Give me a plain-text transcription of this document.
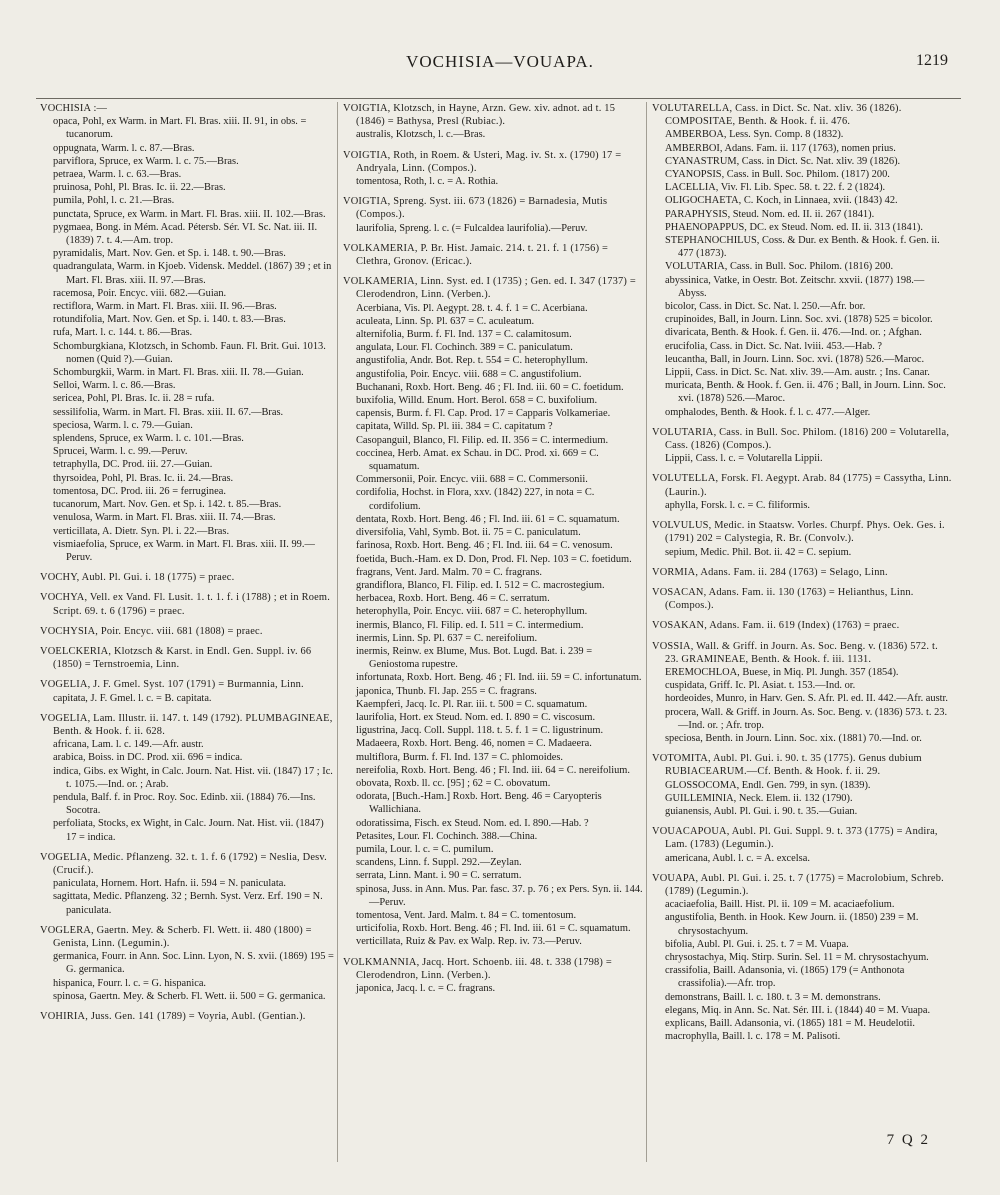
VOCHISIA—VOUAPA.	1219

VOCHISIA :—

opaca, Pohl, ex Warm. in Mart. Fl. Bras. xiii. II. 91, in obs. = tucanorum.

oppugnata, Warm. l. c. 87.—Bras.

parviflora, Spruce, ex Warm. l. c. 75.—Bras.

petraea, Warm. l. c. 63.—Bras.

pruinosa, Pohl, Pl. Bras. Ic. ii. 22.—Bras.

pumila, Pohl, l. c. 21.—Bras.

punctata, Spruce, ex Warm. in Mart. Fl. Bras. xiii. II. 102.—Bras.

pygmaea, Bong. in Mém. Acad. Pétersb. Sér. VI. Sc. Nat. iii. II. (1839) 7. t. 4.—Am. trop.

pyramidalis, Mart. Nov. Gen. et Sp. i. 148. t. 90.—Bras.

quadrangulata, Warm. in Kjoeb. Vidensk. Meddel. (1867) 39 ; et in Mart. Fl. Bras. xiii. II. 97.—Bras.

racemosa, Poir. Encyc. viii. 682.—Guian.

rectiflora, Warm. in Mart. Fl. Bras. xiii. II. 96.—Bras.

rotundifolia, Mart. Nov. Gen. et Sp. i. 140. t. 83.—Bras.

rufa, Mart. l. c. 144. t. 86.—Bras.

Schomburgkiana, Klotzsch, in Schomb. Faun. Fl. Brit. Gui. 1013. nomen (Quid ?).—Guian.

Schomburgkii, Warm. in Mart. Fl. Bras. xiii. II. 78.—Guian.

Selloi, Warm. l. c. 86.—Bras.

sericea, Pohl, Pl. Bras. Ic. ii. 28 = rufa.

sessilifolia, Warm. in Mart. Fl. Bras. xiii. II. 67.—Bras.

speciosa, Warm. l. c. 79.—Guian.

splendens, Spruce, ex Warm. l. c. 101.—Bras.

Sprucei, Warm. l. c. 99.—Peruv.

tetraphylla, DC. Prod. iii. 27.—Guian.

thyrsoidea, Pohl, Pl. Bras. Ic. ii. 24.—Bras.

tomentosa, DC. Prod. iii. 26 = ferruginea.

tucanorum, Mart. Nov. Gen. et Sp. i. 142. t. 85.—Bras.

venulosa, Warm. in Mart. Fl. Bras. xiii. II. 74.—Bras.

verticillata, A. Dietr. Syn. Pl. i. 22.—Bras.

vismiaefolia, Spruce, ex Warm. in Mart. Fl. Bras. xiii. II. 99.—Peruv.

VOCHY, Aubl. Pl. Gui. i. 18 (1775) = praec.

VOCHYA, Vell. ex Vand. Fl. Lusit. 1. t. 1. f. i (1788) ; et in Roem. Script. 69. t. 6 (1796) = praec.

VOCHYSIA, Poir. Encyc. viii. 681 (1808) = praec.

VOELCKERIA, Klotzsch & Karst. in Endl. Gen. Suppl. iv. 66 (1850) = Ternstroemia, Linn.

VOGELIA, J. F. Gmel. Syst. 107 (1791) = Burmannia, Linn.

capitata, J. F. Gmel. l. c. = B. capitata.

VOGELIA, Lam. Illustr. ii. 147. t. 149 (1792). PLUMBAGINEAE, Benth. & Hook. f. ii. 628.

africana, Lam. l. c. 149.—Afr. austr.

arabica, Boiss. in DC. Prod. xii. 696 = indica.

indica, Gibs. ex Wight, in Calc. Journ. Nat. Hist. vii. (1847) 17 ; Ic. t. 1075.—Ind. or. ; Arab.

pendula, Balf. f. in Proc. Roy. Soc. Edinb. xii. (1884) 76.—Ins. Socotra.

perfoliata, Stocks, ex Wight, in Calc. Journ. Nat. Hist. vii. (1847) 17 = indica.

VOGELIA, Medic. Pflanzeng. 32. t. 1. f. 6 (1792) = Neslia, Desv. (Crucif.).

paniculata, Hornem. Hort. Hafn. ii. 594 = N. paniculata.

sagittata, Medic. Pflanzeng. 32 ; Bernh. Syst. Verz. Erf. 190 = N. paniculata.

VOGLERA, Gaertn. Mey. & Scherb. Fl. Wett. ii. 480 (1800) = Genista, Linn. (Legumin.).

germanica, Fourr. in Ann. Soc. Linn. Lyon, N. S. xvii. (1869) 195 = G. germanica.

hispanica, Fourr. l. c. = G. hispanica.

spinosa, Gaertn. Mey. & Scherb. Fl. Wett. ii. 500 = G. germanica.

VOHIRIA, Juss. Gen. 141 (1789) = Voyria, Aubl. (Gentian.).

VOIGTIA, Klotzsch, in Hayne, Arzn. Gew. xiv. adnot. ad t. 15 (1846) = Bathysa, Presl (Rubiac.).

australis, Klotzsch, l. c.—Bras.

VOIGTIA, Roth, in Roem. & Usteri, Mag. iv. St. x. (1790) 17 = Andryala, Linn. (Compos.).

tomentosa, Roth, l. c. = A. Rothia.

VOIGTIA, Spreng. Syst. iii. 673 (1826) = Barnadesia, Mutis (Compos.).

laurifolia, Spreng. l. c. (= Fulcaldea laurifolia).—Peruv.

VOLKAMERIA, P. Br. Hist. Jamaic. 214. t. 21. f. 1 (1756) = Clethra, Gronov. (Ericac.).

VOLKAMERIA, Linn. Syst. ed. I (1735) ; Gen. ed. I. 347 (1737) = Clerodendron, Linn. (Verben.).

Acerbiana, Vis. Pl. Aegypt. 28. t. 4. f. 1 = C. Acerbiana.

aculeata, Linn. Sp. Pl. 637 = C. aculeatum.

alternifolia, Burm. f. Fl. Ind. 137 = C. calamitosum.

angulata, Lour. Fl. Cochinch. 389 = C. paniculatum.

angustifolia, Andr. Bot. Rep. t. 554 = C. heterophyllum.

angustifolia, Poir. Encyc. viii. 688 = C. angustifolium.

Buchanani, Roxb. Hort. Beng. 46 ; Fl. Ind. iii. 60 = C. foetidum.

buxifolia, Willd. Enum. Hort. Berol. 658 = C. buxifolium.

capensis, Burm. f. Fl. Cap. Prod. 17 = Capparis Volkameriae.

capitata, Willd. Sp. Pl. iii. 384 = C. capitatum ?

Casopanguil, Blanco, Fl. Filip. ed. II. 356 = C. intermedium.

coccinea, Herb. Amat. ex Schau. in DC. Prod. xi. 669 = C. squamatum.

Commersonii, Poir. Encyc. viii. 688 = C. Commersonii.

cordifolia, Hochst. in Flora, xxv. (1842) 227, in nota = C. cordifolium.

dentata, Roxb. Hort. Beng. 46 ; Fl. Ind. iii. 61 = C. squamatum.

diversifolia, Vahl, Symb. Bot. ii. 75 = C. paniculatum.

farinosa, Roxb. Hort. Beng. 46 ; Fl. Ind. iii. 64 = C. venosum.

foetida, Buch.-Ham. ex D. Don, Prod. Fl. Nep. 103 = C. foetidum.

fragrans, Vent. Jard. Malm. 70 = C. fragrans.

grandiflora, Blanco, Fl. Filip. ed. I. 512 = C. macrostegium.

herbacea, Roxb. Hort. Beng. 46 = C. serratum.

heterophylla, Poir. Encyc. viii. 687 = C. heterophyllum.

inermis, Blanco, Fl. Filip. ed. I. 511 = C. intermedium.

inermis, Linn. Sp. Pl. 637 = C. nereifolium.

inermis, Reinw. ex Blume, Mus. Bot. Lugd. Bat. i. 239 = Geniostoma rupestre.

infortunata, Roxb. Hort. Beng. 46 ; Fl. Ind. iii. 59 = C. infortunatum.

japonica, Thunb. Fl. Jap. 255 = C. fragrans.

Kaempferi, Jacq. Ic. Pl. Rar. iii. t. 500 = C. squamatum.

laurifolia, Hort. ex Steud. Nom. ed. I. 890 = C. viscosum.

ligustrina, Jacq. Coll. Suppl. 118. t. 5. f. 1 = C. ligustrinum.

Madaeera, Roxb. Hort. Beng. 46, nomen = C. Madaeera.

multiflora, Burm. f. Fl. Ind. 137 = C. phlomoides.

nereifolia, Roxb. Hort. Beng. 46 ; Fl. Ind. iii. 64 = C. nereifolium.

obovata, Roxb. ll. cc. [95] ; 62 = C. obovatum.

odorata, [Buch.-Ham.] Roxb. Hort. Beng. 46 = Caryopteris Wallichiana.

odoratissima, Fisch. ex Steud. Nom. ed. I. 890.—Hab. ?

Petasites, Lour. Fl. Cochinch. 388.—China.

pumila, Lour. l. c. = C. pumilum.

scandens, Linn. f. Suppl. 292.—Zeylan.

serrata, Linn. Mant. i. 90 = C. serratum.

spinosa, Juss. in Ann. Mus. Par. fasc. 37. p. 76 ; ex Pers. Syn. ii. 144.—Peruv.

tomentosa, Vent. Jard. Malm. t. 84 = C. tomentosum.

urticifolia, Roxb. Hort. Beng. 46 ; Fl. Ind. iii. 61 = C. squamatum.

verticillata, Ruiz & Pav. ex Walp. Rep. iv. 73.—Peruv.

VOLKMANNIA, Jacq. Hort. Schoenb. iii. 48. t. 338 (1798) = Clerodendron, Linn. (Verben.).

japonica, Jacq. l. c. = C. fragrans.

VOLUTARELLA, Cass. in Dict. Sc. Nat. xliv. 36 (1826). COMPOSITAE, Benth. & Hook. f. ii. 476.

AMBERBOA, Less. Syn. Comp. 8 (1832).

AMBERBOI, Adans. Fam. ii. 117 (1763), nomen prius.

CYANASTRUM, Cass. in Dict. Sc. Nat. xliv. 39 (1826).

CYANOPSIS, Cass. in Bull. Soc. Philom. (1817) 200.

LACELLIA, Viv. Fl. Lib. Spec. 58. t. 22. f. 2 (1824).

OLIGOCHAETA, C. Koch, in Linnaea, xvii. (1843) 42.

PARAPHYSIS, Steud. Nom. ed. II. ii. 267 (1841).

PHAENOPAPPUS, DC. ex Steud. Nom. ed. II. ii. 313 (1841).

STEPHANOCHILUS, Coss. & Dur. ex Benth. & Hook. f. Gen. ii. 477 (1873).

VOLUTARIA, Cass. in Bull. Soc. Philom. (1816) 200.

abyssinica, Vatke, in Oestr. Bot. Zeitschr. xxvii. (1877) 198.—Abyss.

bicolor, Cass. in Dict. Sc. Nat. l. 250.—Afr. bor.

crupinoides, Ball, in Journ. Linn. Soc. xvi. (1878) 525 = bicolor.

divaricata, Benth. & Hook. f. Gen. ii. 476.—Ind. or. ; Afghan.

erucifolia, Cass. in Dict. Sc. Nat. lviii. 453.—Hab. ?

leucantha, Ball, in Journ. Linn. Soc. xvi. (1878) 526.—Maroc.

Lippii, Cass. in Dict. Sc. Nat. xliv. 39.—Am. austr. ; Ins. Canar.

muricata, Benth. & Hook. f. Gen. ii. 476 ; Ball, in Journ. Linn. Soc. xvi. (1878) 526.—Maroc.

omphalodes, Benth. & Hook. f. l. c. 477.—Alger.

VOLUTARIA, Cass. in Bull. Soc. Philom. (1816) 200 = Volutarella, Cass. (1826) (Compos.).

Lippii, Cass. l. c. = Volutarella Lippii.

VOLUTELLA, Forsk. Fl. Aegypt. Arab. 84 (1775) = Cassytha, Linn. (Laurin.).

aphylla, Forsk. l. c. = C. filiformis.

VOLVULUS, Medic. in Staatsw. Vorles. Churpf. Phys. Oek. Ges. i. (1791) 202 = Calystegia, R. Br. (Convolv.).

sepium, Medic. Phil. Bot. ii. 42 = C. sepium.

VORMIA, Adans. Fam. ii. 284 (1763) = Selago, Linn.

VOSACAN, Adans. Fam. ii. 130 (1763) = Helianthus, Linn. (Compos.).

VOSAKAN, Adans. Fam. ii. 619 (Index) (1763) = praec.

VOSSIA, Wall. & Griff. in Journ. As. Soc. Beng. v. (1836) 572. t. 23. GRAMINEAE, Benth. & Hook. f. iii. 1131.

EREMOCHLOA, Buese, in Miq. Pl. Jungh. 357 (1854).

cuspidata, Griff. Ic. Pl. Asiat. t. 153.—Ind. or.

hordeoides, Munro, in Harv. Gen. S. Afr. Pl. ed. II. 442.—Afr. austr.

procera, Wall. & Griff. in Journ. As. Soc. Beng. v. (1836) 573. t. 23.—Ind. or. ; Afr. trop.

speciosa, Benth. in Journ. Linn. Soc. xix. (1881) 70.—Ind. or.

VOTOMITA, Aubl. Pl. Gui. i. 90. t. 35 (1775). Genus dubium RUBIACEARUM.—Cf. Benth. & Hook. f. ii. 29.

GLOSSOCOMA, Endl. Gen. 799, in syn. (1839).

GUILLEMINIA, Neck. Elem. ii. 132 (1790).

guianensis, Aubl. Pl. Gui. i. 90. t. 35.—Guian.

VOUACAPOUA, Aubl. Pl. Gui. Suppl. 9. t. 373 (1775) = Andira, Lam. (1783) (Legumin.).

americana, Aubl. l. c. = A. excelsa.

VOUAPA, Aubl. Pl. Gui. i. 25. t. 7 (1775) = Macrolobium, Schreb. (1789) (Legumin.).

acaciaefolia, Baill. Hist. Pl. ii. 109 = M. acaciaefolium.

angustifolia, Benth. in Hook. Kew Journ. ii. (1850) 239 = M. chrysostachyum.

bifolia, Aubl. Pl. Gui. i. 25. t. 7 = M. Vuapa.

chrysostachya, Miq. Stirp. Surin. Sel. 11 = M. chrysostachyum.

crassifolia, Baill. Adansonia, vi. (1865) 179 (= Anthonota crassifolia).—Afr. trop.

demonstrans, Baill. l. c. 180. t. 3 = M. demonstrans.

elegans, Miq. in Ann. Sc. Nat. Sér. III. i. (1844) 40 = M. Vuapa.

explicans, Baill. Adansonia, vi. (1865) 181 = M. Heudelotii.

macrophylla, Baill. l. c. 178 = M. Palisoti.

7 Q 2
